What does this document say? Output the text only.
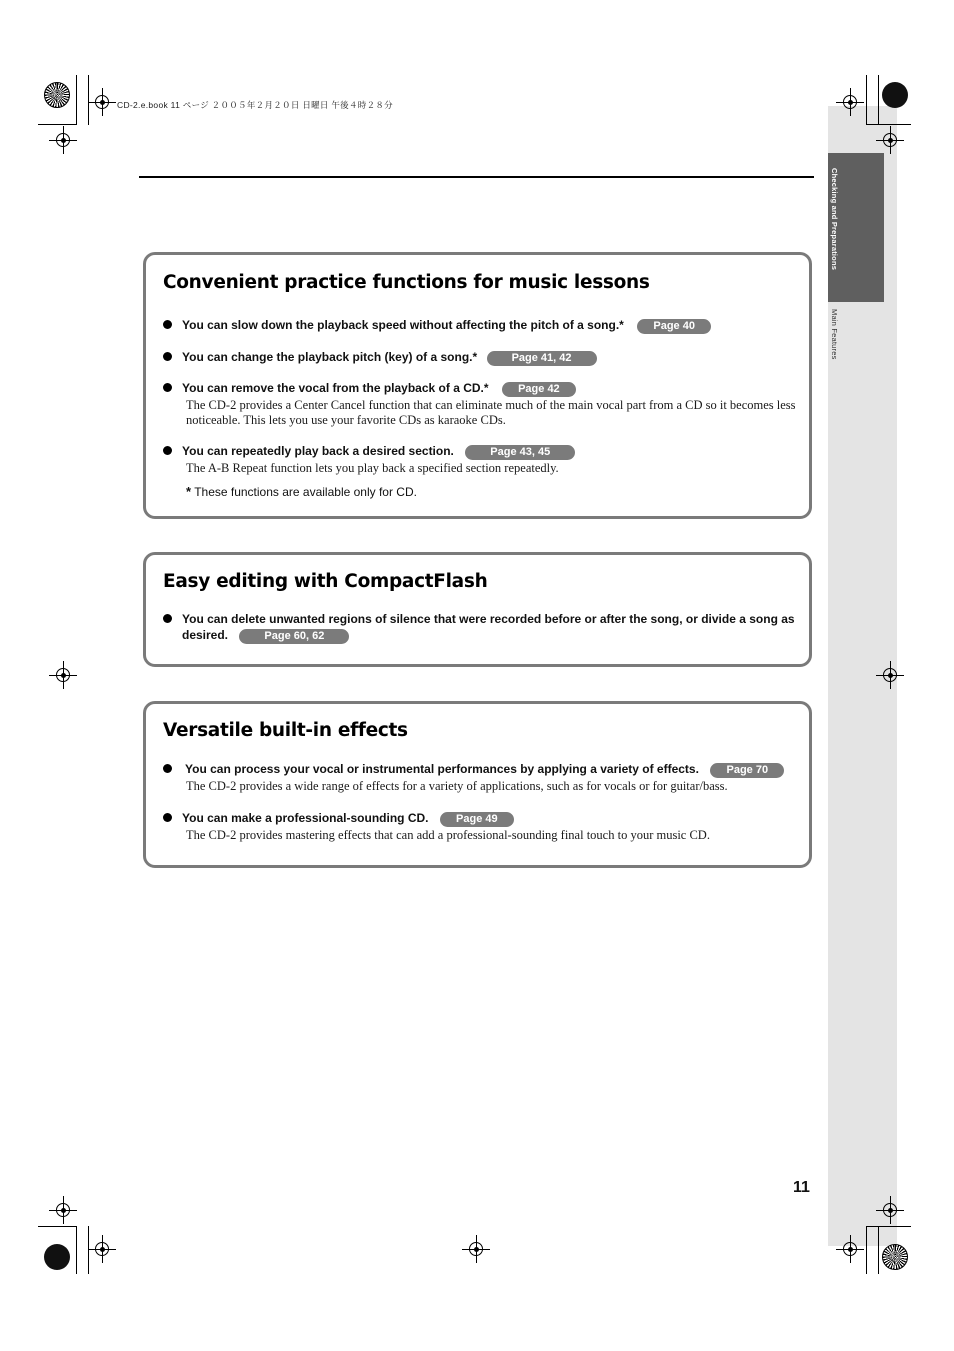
Checking and Preparations
Main Features
CD-2.e.book 11 ページ ２００５年２月２０日 日曜日 午後４時２８分
Convenient practice functions for music lessons
You can slow down the playback speed without affecting the pitch of a song.*	Page 40
You can change the playback pitch (key) of a song.*	Page 41, 42
You can remove the vocal from the playback of a CD.*	Page 42
The CD-2 provides a Center Cancel function that can eliminate much of the main vocal part from a CD so it becomes less noticeable. This lets you use your favorite CDs as karaoke CDs.
You can repeatedly play back a desired section.	Page 43, 45
The A-B Repeat function lets you play back a specified section repeatedly.
* These functions are available only for CD.
Easy editing with CompactFlash
You can delete unwanted regions of silence that were recorded before or after the song, or divide a song as desired.	Page 60, 62
Versatile built-in effects
You can process your vocal or instrumental performances by applying a variety of effects.	Page 70
The CD-2 provides a wide range of effects for a variety of applications, such as for vocals or for guitar/bass.
You can make a professional-sounding CD.	Page 49
The CD-2 provides mastering effects that can add a professional-sounding final touch to your music CD.
11
